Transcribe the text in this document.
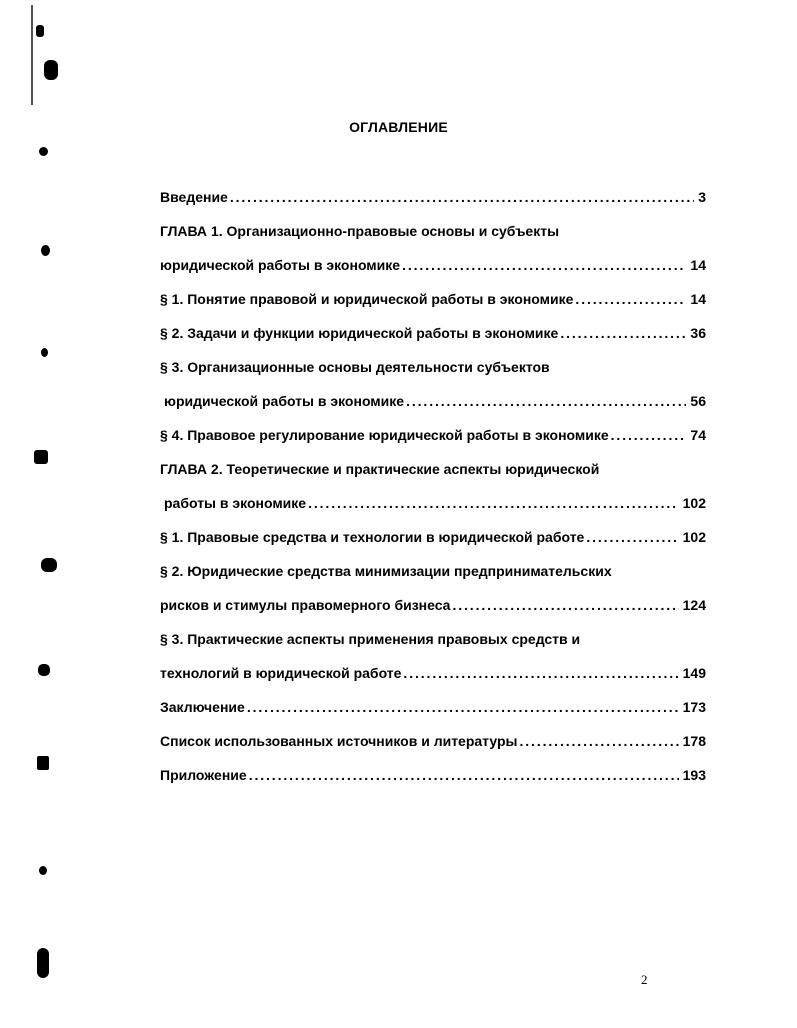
ОГЛАВЛЕНИЕ
Введение . . .	3
ГЛАВА 1. Организационно-правовые основы и субъекты
юридической работы в экономике . . .	14
§ 1. Понятие правовой и юридической работы в экономике . . .	14
§ 2. Задачи и функции юридической работы в экономике . . .	36
§ 3. Организационные основы деятельности субъектов
юридической работы в экономике . . .	56
§ 4. Правовое регулирование юридической работы в экономике . . .	74
ГЛАВА 2. Теоретические и практические аспекты юридической
работы в экономике . . .	102
§ 1. Правовые средства и технологии в юридической работе . . .	102
§ 2. Юридические средства минимизации предпринимательских
рисков и стимулы правомерного бизнеса . . .	124
§ 3. Практические аспекты применения правовых средств и
технологий в юридической работе . . .	149
Заключение . . .	173
Список использованных источников и литературы . . .	178
Приложение . . .	193
2
